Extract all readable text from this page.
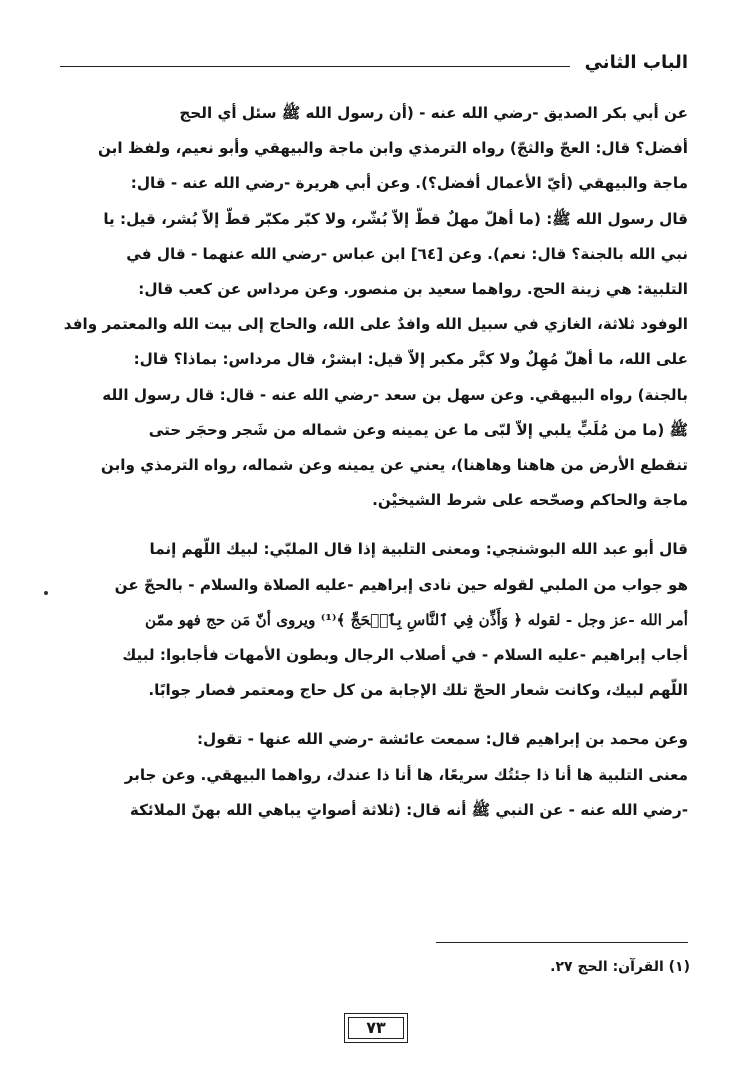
الباب الثاني

عن أبي بكر الصديق -رضي الله عنه - (أن رسول الله ﷺ سئل أي الحج

أفضل؟ قال: العجّ والثجّ) رواه الترمذي وابن ماجة والبيهقي وأبو نعيم، ولفظ ابن

ماجة والبيهقي (أيّ الأعمال أفضل؟). وعن أبي هريرة -رضي الله عنه - قال:

قال رسول الله ﷺ: (ما أهلّ مهلٌ قطّ إلاّ بُشّر، ولا كبّر مكبّر قطّ إلاّ بُشر، قيل: يا

نبي الله بالجنة؟ قال: نعم). وعن [٦٤] ابن عباس -رضي الله عنهما - قال في

التلبية: هي زينة الحج. رواهما سعيد بن منصور. وعن مرداس عن كعب قال:

الوفود ثلاثة، الغازي في سبيل الله وافدٌ على الله، والحاج إلى بيت الله والمعتمر وافد

على الله، ما أهلّ مُهِلٌ ولا كبَّر مكبر إلاّ قيل: ابشرْ، قال مرداس: بماذا؟ قال:

بالجنة) رواه البيهقي. وعن سهل بن سعد -رضي الله عنه - قال: قال رسول الله

ﷺ (ما من مُلَبٍّ يلبي إلاّ لبّى ما عن يمينه وعن شماله من شَجر وحجَر حتى

تنقطع الأرض من هاهنا وهاهنا)، يعني عن يمينه وعن شماله، رواه الترمذي وابن

ماجة والحاكم وصحّحه على شرط الشيخيْن.

قال أبو عبد الله البوشنجي: ومعنى التلبية إذا قال الملبّي: لبيك اللّهم إنما

هو جواب من الملبي لقوله حين نادى إبراهيم -عليه الصلاة والسلام - بالحجّ عن

أمر الله -عز وجل - لقوله ﴿ وَأَذِّن فِي ٱلنَّاسِ بِٱلۡحَجِّ ﴾⁽¹⁾ ويروى أنّ مَن حج فهو ممّن

أجاب إبراهيم -عليه السلام - في أصلاب الرجال وبطون الأمهات فأجابوا: لبيك

اللّهم لبيك، وكانت شعار الحجّ تلك الإجابة من كل حاج ومعتمر فصار جوابًا.

وعن محمد بن إبراهيم قال: سمعت عائشة -رضي الله عنها - تقول:

معنى التلبية ها أنا ذا جئتُك سريعًا، ها أنا ذا عندك، رواهما البيهقي. وعن جابر

-رضي الله عنه - عن النبي ﷺ أنه قال: (ثلاثة أصواتٍ يباهي الله بهنّ الملائكة

(١) القرآن: الحج ٢٧.
٧٣
